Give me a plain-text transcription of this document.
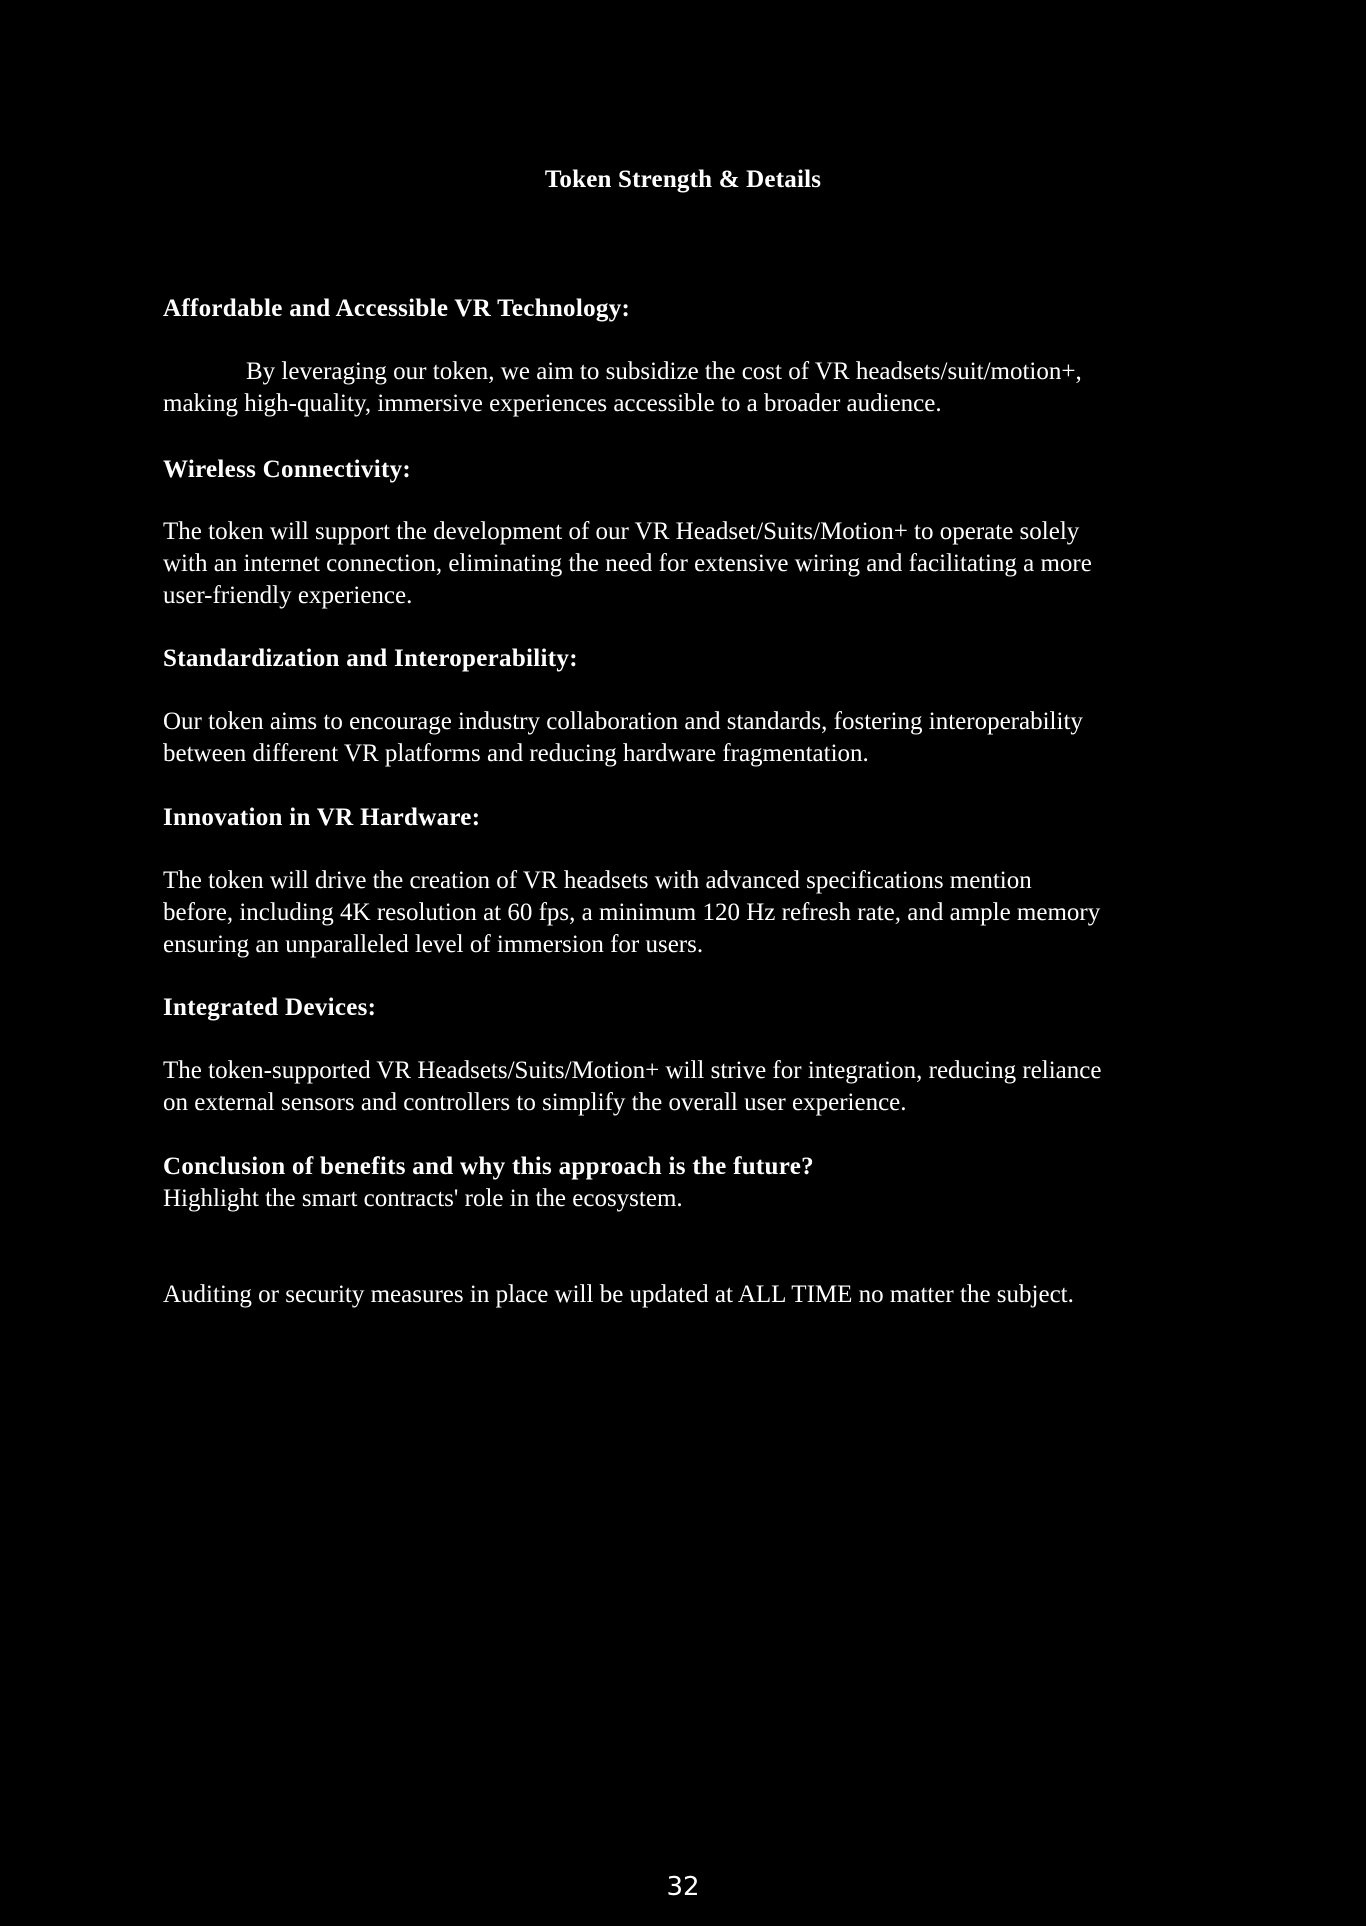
Token Strength & Details
Affordable and Accessible VR Technology:
By leveraging our token, we aim to subsidize the cost of VR headsets/suit/motion+,
making high-quality, immersive experiences accessible to a broader audience.
Wireless Connectivity:
The token will support the development of our VR Headset/Suits/Motion+ to operate solely
with an internet connection, eliminating the need for extensive wiring and facilitating a more
user-friendly experience.
Standardization and Interoperability:
Our token aims to encourage industry collaboration and standards, fostering interoperability
between different VR platforms and reducing hardware fragmentation.
Innovation in VR Hardware:
The token will drive the creation of VR headsets with advanced specifications mention
before, including 4K resolution at 60 fps, a minimum 120 Hz refresh rate, and ample memory
ensuring an unparalleled level of immersion for users.
Integrated Devices:
The token-supported VR Headsets/Suits/Motion+ will strive for integration, reducing reliance
on external sensors and controllers to simplify the overall user experience.
Conclusion of benefits and why this approach is the future?
Highlight the smart contracts' role in the ecosystem.
Auditing or security measures in place will be updated at ALL TIME no matter the subject.
32
